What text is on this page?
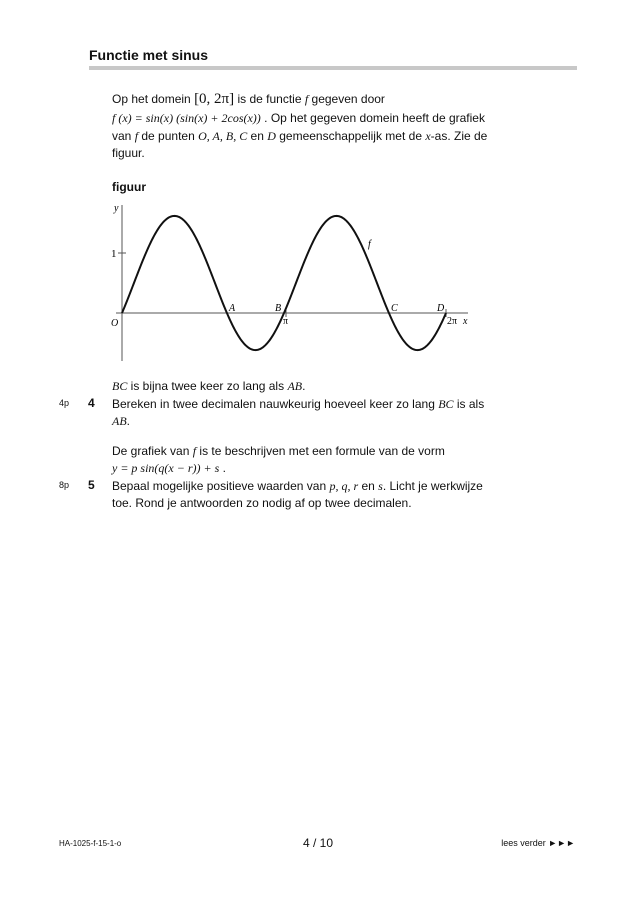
Functie met sinus
Op het domein [0, 2π] is de functie f gegeven door
f (x) = sin(x) (sin(x) + 2cos(x)) . Op het gegeven domein heeft de grafiek
van f de punten O, A, B, C en D gemeenschappelijk met de x-as. Zie de
figuur.
figuur
y
1
O
A	B	C	D
π	2π x
f
BC is bijna twee keer zo lang als AB.
4p 4 Bereken in twee decimalen nauwkeurig hoeveel keer zo lang BC is als
AB.
De grafiek van f is te beschrijven met een formule van de vorm
y = p sin(q(x − r)) + s .
8p 5 Bepaal mogelijke positieve waarden van p, q, r en s. Licht je werkwijze
toe. Rond je antwoorden zo nodig af op twee decimalen.
HA-1025-f-15-1-o	4 / 10	lees verder ►►►
